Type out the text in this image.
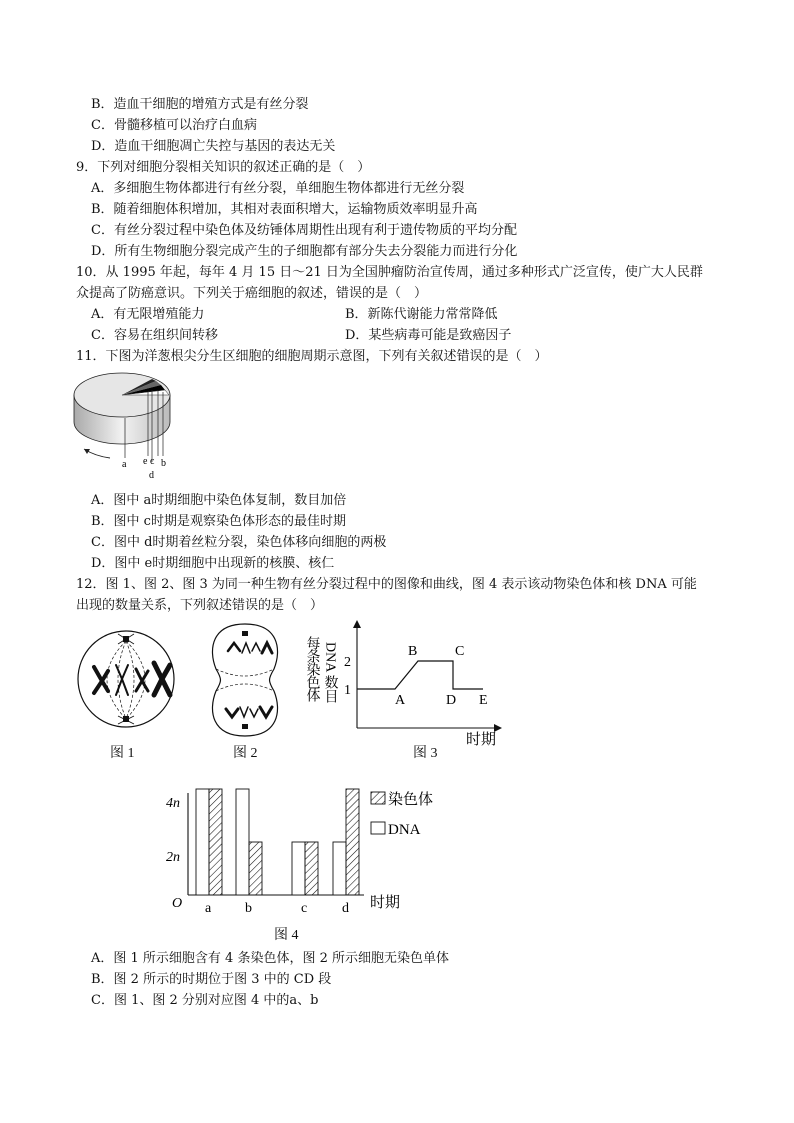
B．造血干细胞的增殖方式是有丝分裂
C．骨髓移植可以治疗白血病
D．造血干细胞凋亡失控与基因的表达无关
9．下列对细胞分裂相关知识的叙述正确的是（　）
A．多细胞生物体都进行有丝分裂，单细胞生物体都进行无丝分裂
B．随着细胞体积增加，其相对表面积增大，运输物质效率明显升高
C．有丝分裂过程中染色体及纺锤体周期性出现有利于遗传物质的平均分配
D．所有生物细胞分裂完成产生的子细胞都有部分失去分裂能力而进行分化
10．从 1995 年起，每年 4 月 15 日～21 日为全国肿瘤防治宣传周，通过多种形式广泛宣传，使广大人民群
众提高了防癌意识。下列关于癌细胞的叙述，错误的是（　）
A．有无限增殖能力	B．新陈代谢能力常常降低
C．容易在组织间转移	D．某些病毒可能是致癌因子
11．下图为洋葱根尖分生区细胞的细胞周期示意图，下列有关叙述错误的是（　）
a e c b
d
A．图中 a时期细胞中染色体复制，数目加倍
B．图中 c时期是观察染色体形态的最佳时期
C．图中 d时期着丝粒分裂，染色体移向细胞的两极
D．图中 e时期细胞中出现新的核膜、核仁
12．图 1、图 2、图 3 为同一种生物有丝分裂过程中的图像和曲线，图 4 表示该动物染色体和核 DNA 可能
出现的数量关系，下列叙述错误的是（　）
图 1	图 2
每条染色体 DNA 数目 2
1
A
B	C
D E
时期
图 3
4n
2n
O a b	c d 时期
染色体
DNA
图 4
A．图 1 所示细胞含有 4 条染色体，图 2 所示细胞无染色单体
B．图 2 所示的时期位于图 3 中的 CD 段
C．图 1、图 2 分别对应图 4 中的a、b
